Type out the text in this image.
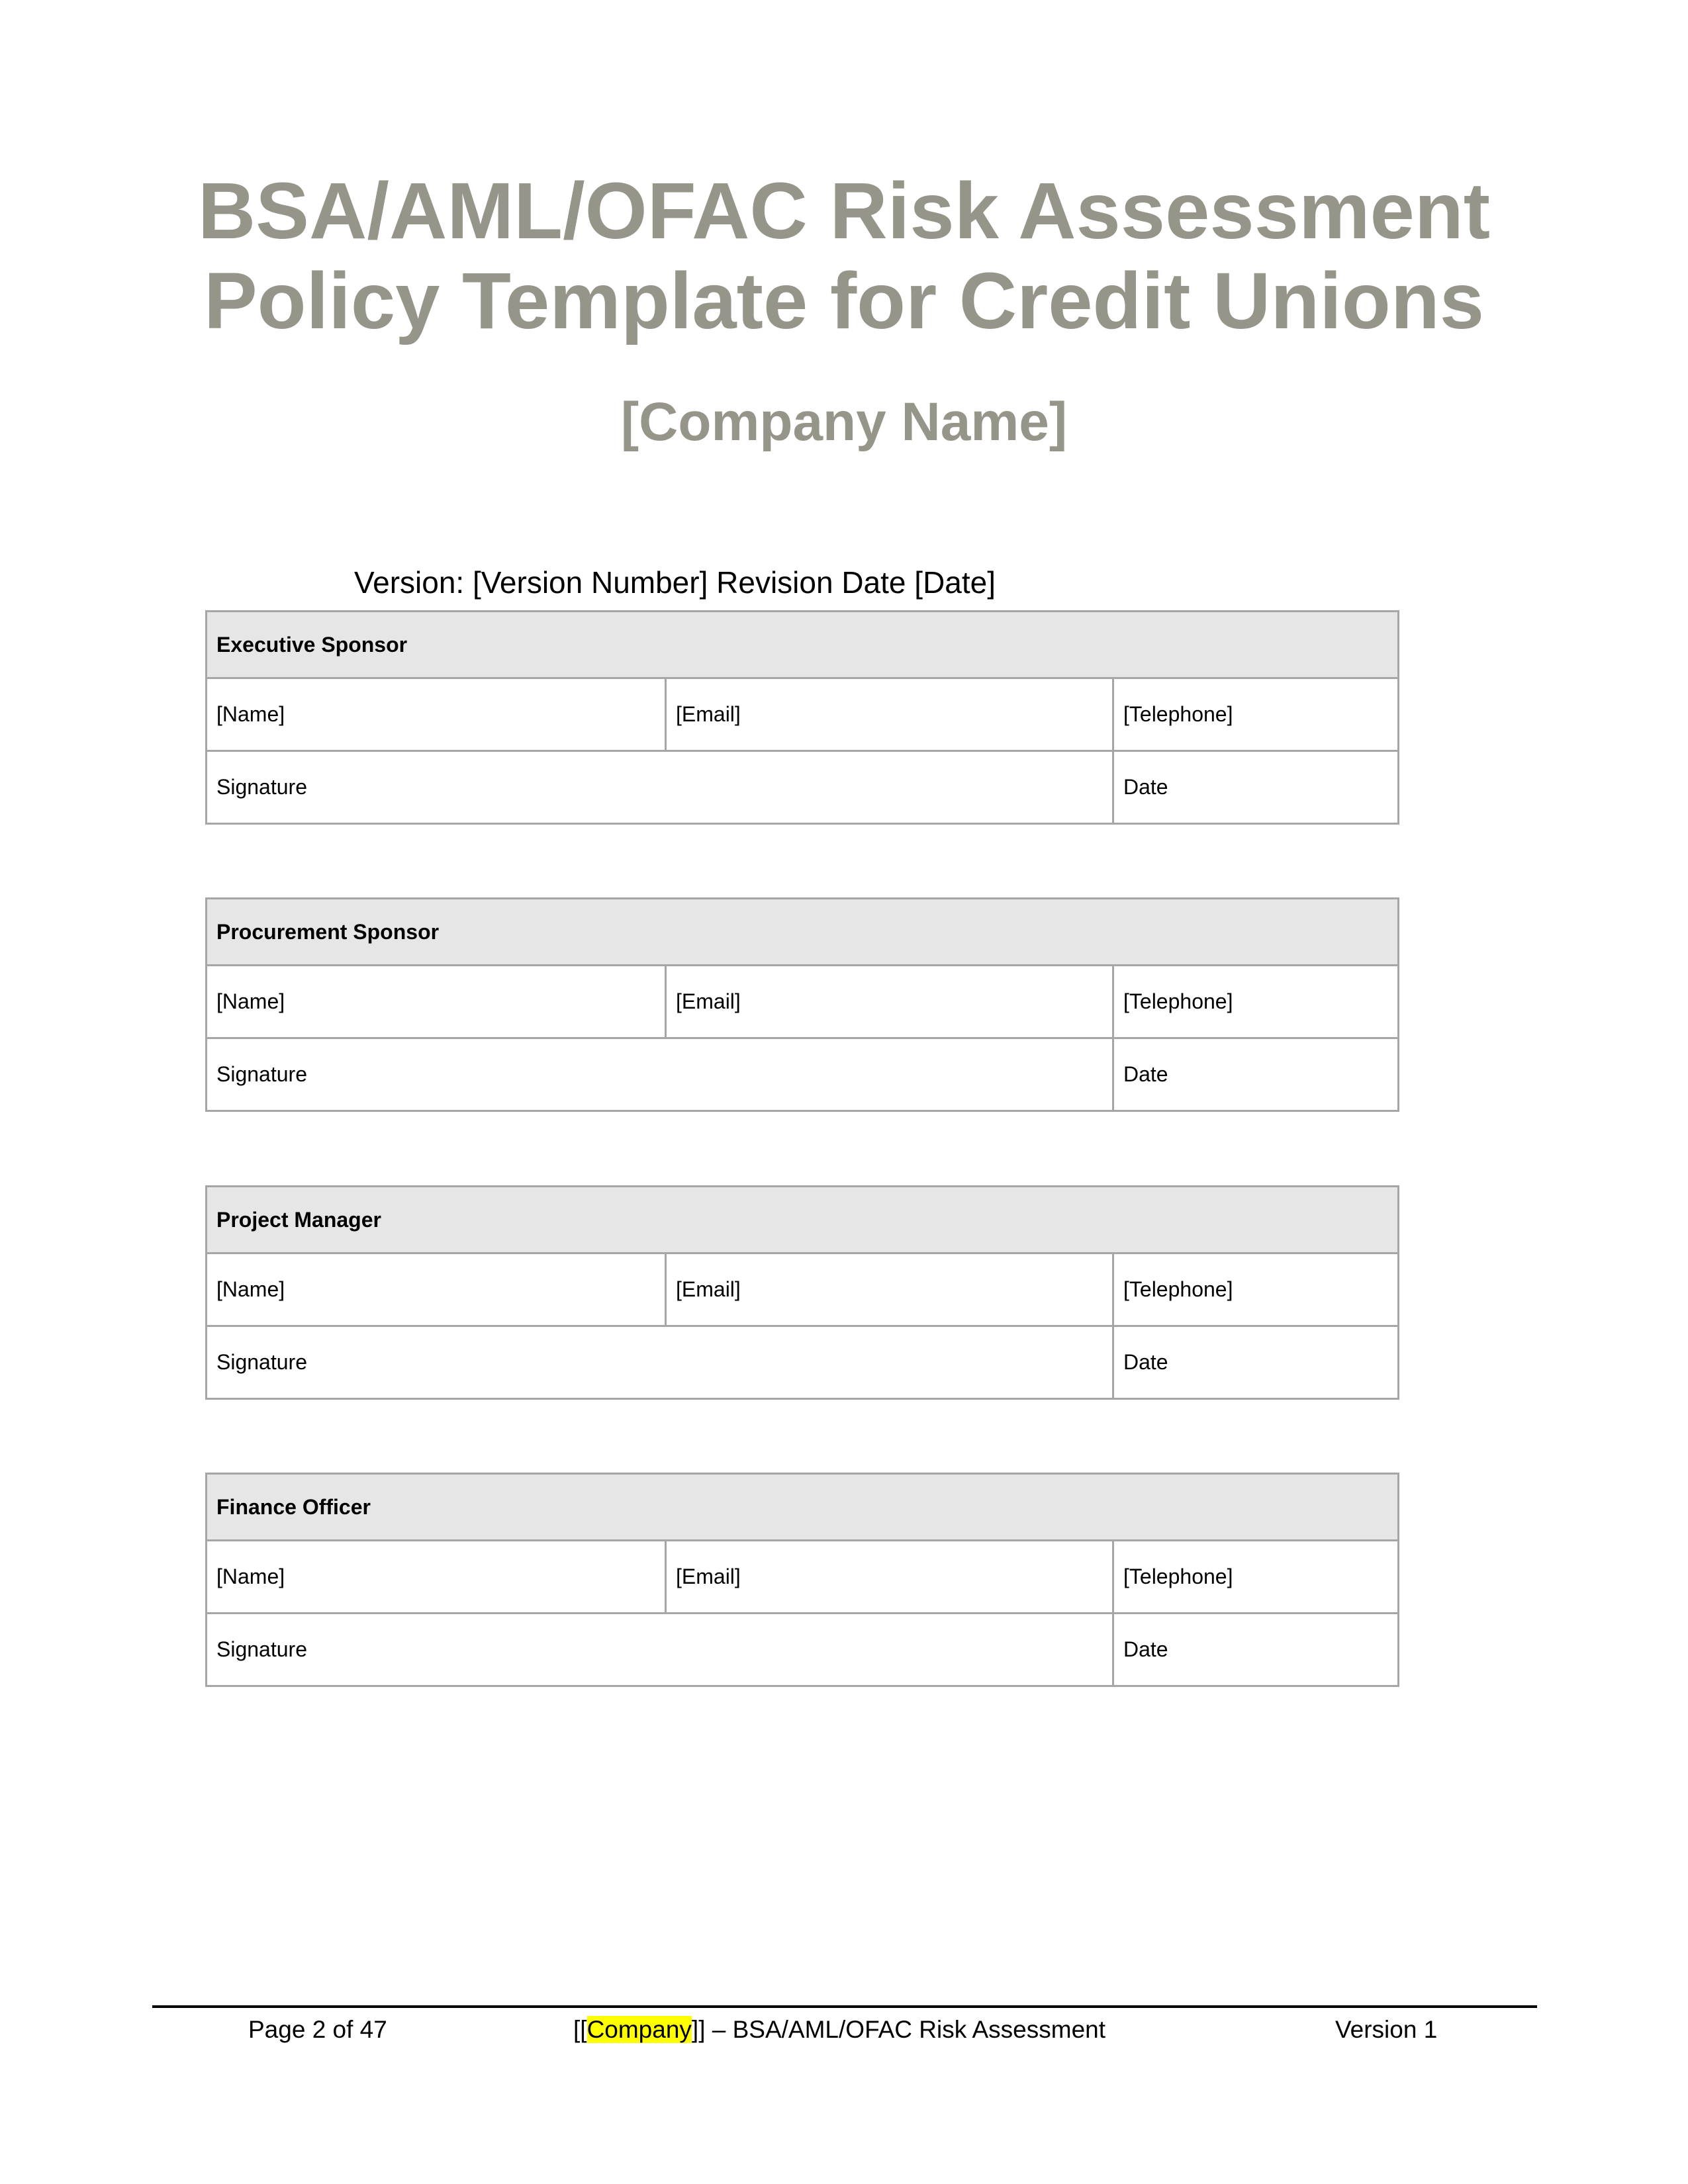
BSA/AML/OFAC Risk Assessment
Policy Template for Credit Unions
[Company Name]
Version: [Version Number] Revision Date [Date]
Executive Sponsor		
[Name]	[Email]	[Telephone]
Signature		Date
Procurement Sponsor		
[Name]	[Email]	[Telephone]
Signature		Date
Project Manager		
[Name]	[Email]	[Telephone]
Signature		Date
Finance Officer		
[Name]	[Email]	[Telephone]
Signature		Date
Page 2 of 47	[[Company]] – BSA/AML/OFAC Risk Assessment	Version 1
